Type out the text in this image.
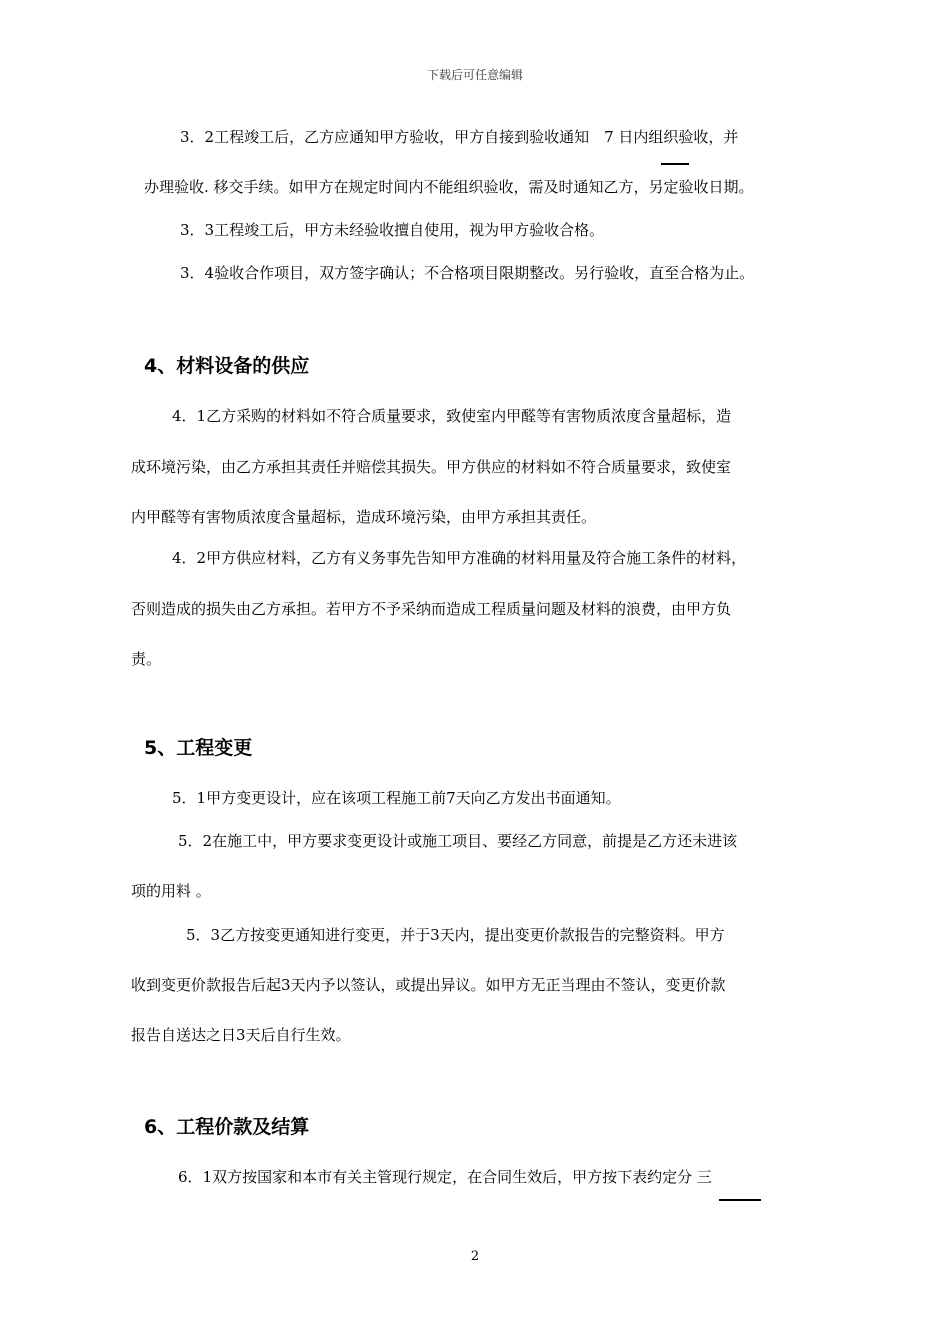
下载后可任意编辑
3．2工程竣工后，乙方应通知甲方验收，甲方自接到验收通知　7 日内组织验收，并
办理验收. 移交手续。如甲方在规定时间内不能组织验收，需及时通知乙方，另定验收日期。
3．3工程竣工后，甲方未经验收擅自使用，视为甲方验收合格。
3．4验收合作项目，双方签字确认；不合格项目限期整改。另行验收，直至合格为止。
4、材料设备的供应
4．1乙方采购的材料如不符合质量要求，致使室内甲醛等有害物质浓度含量超标，造
成环境污染，由乙方承担其责任并赔偿其损失。甲方供应的材料如不符合质量要求，致使室
内甲醛等有害物质浓度含量超标，造成环境污染，由甲方承担其责任。
4．2甲方供应材料，乙方有义务事先告知甲方准确的材料用量及符合施工条件的材料，
否则造成的损失由乙方承担。若甲方不予采纳而造成工程质量问题及材料的浪费，由甲方负
责。
5、工程变更
5．1甲方变更设计，应在该项工程施工前7天向乙方发出书面通知。
5．2在施工中，甲方要求变更设计或施工项目、要经乙方同意，前提是乙方还未进该
项的用料 。
5．3乙方按变更通知进行变更，并于3天内，提出变更价款报告的完整资料。甲方
收到变更价款报告后起3天内予以签认，或提出异议。如甲方无正当理由不签认，变更价款
报告自送达之日3天后自行生效。
6、工程价款及结算
6．1双方按国家和本市有关主管现行规定，在合同生效后，甲方按下表约定分 三
2
